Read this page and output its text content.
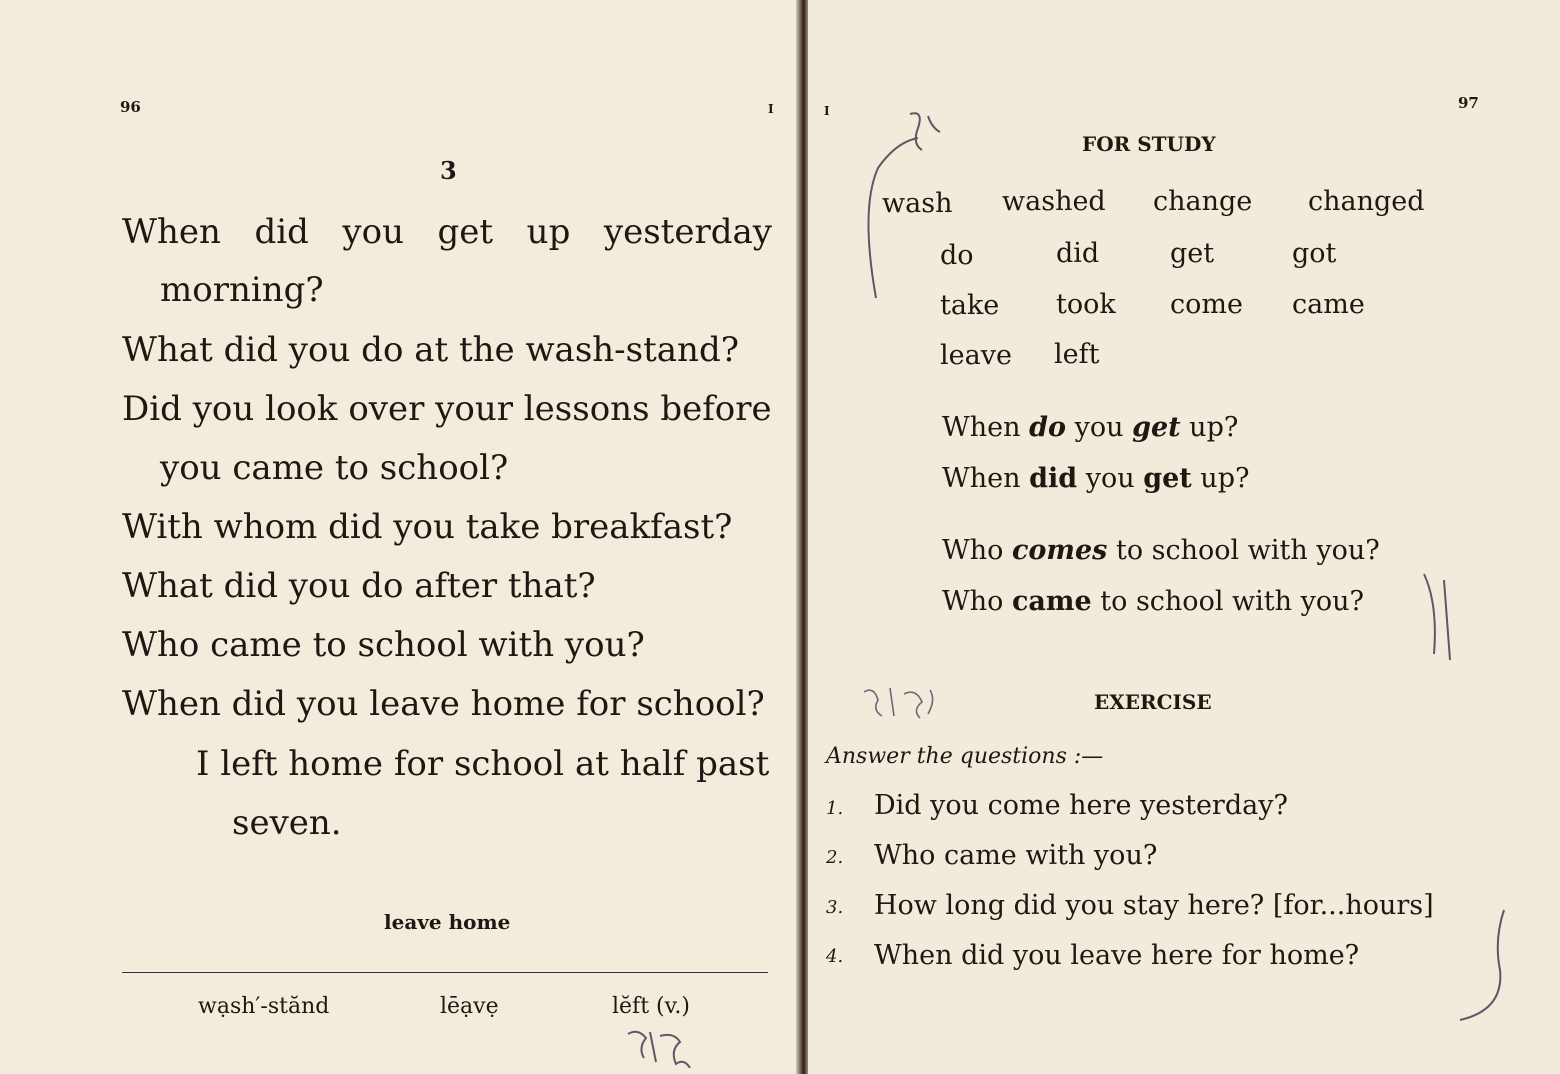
96	I
3
When did you get up yesterday
morning?
What did you do at the wash-stand?
Did you look over your lessons before
you came to school?
With whom did you take breakfast?
What did you do after that?
Who came to school with you?
When did you leave home for school?
I left home for school at half past
seven.
leave home
wạsh′-stănd	lēạvẹ	lĕft (v.)
I	97
FOR STUDY
wash washed change changed
do	did	get	got
take took come came
leave left
When do you get up?
When did you get up?
Who comes to school with you?
Who came to school with you?
EXERCISE
Answer the questions :—
1. Did you come here yesterday?
2. Who came with you?
3. How long did you stay here? [for...hours]
4. When did you leave here for home?
